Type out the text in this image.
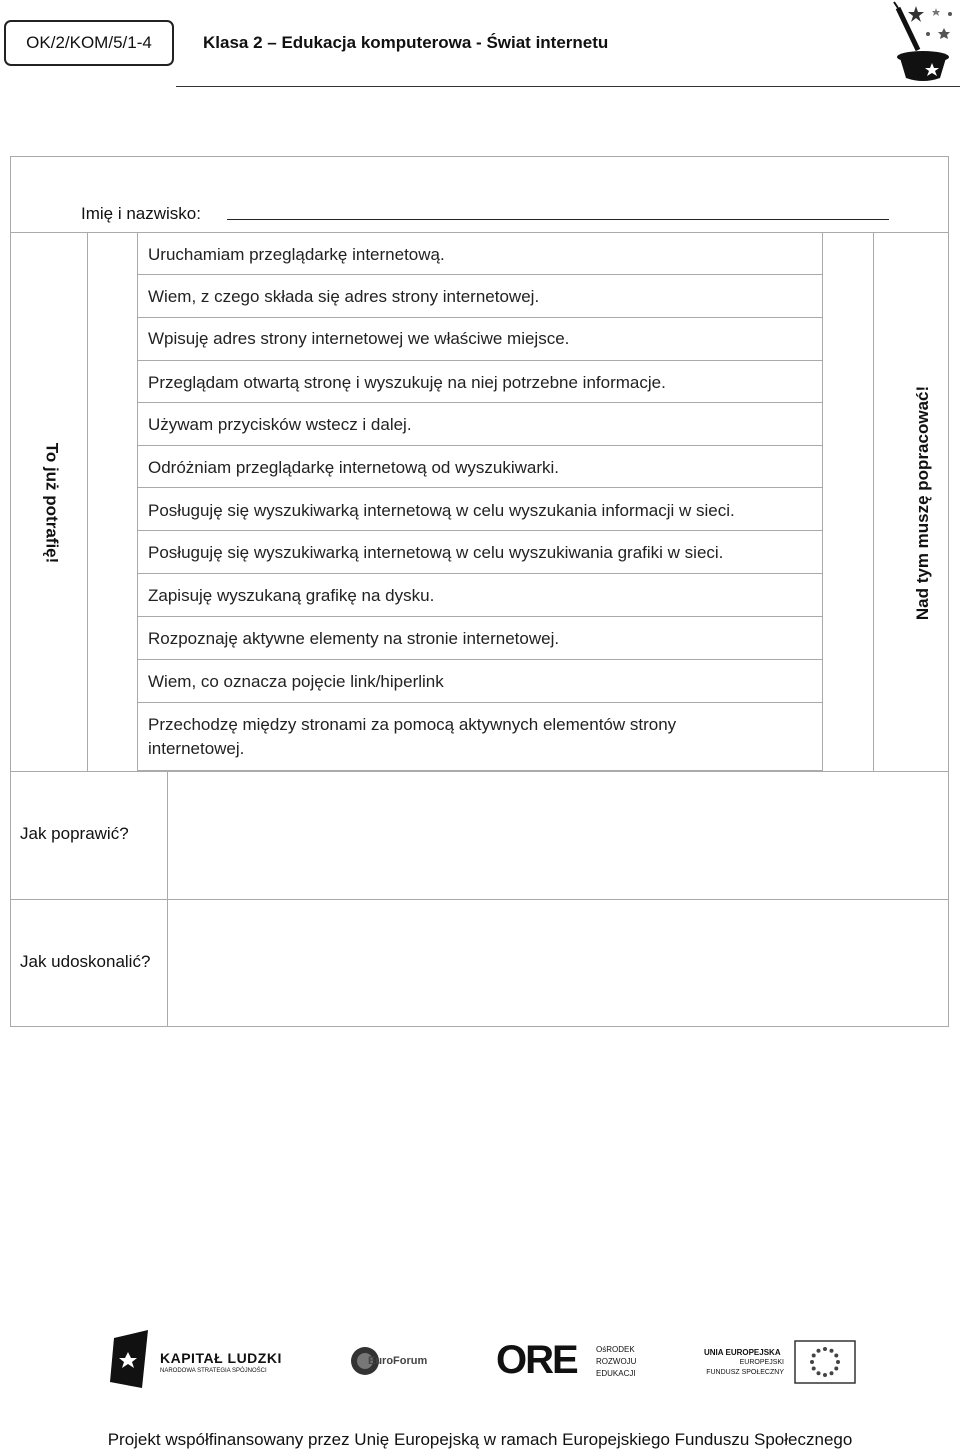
OK/2/KOM/5/1-4	Klasa 2 – Edukacja komputerowa - Świat internetu
Imię i nazwisko:
To już potrafię!	Nad tym muszę popracować!
Uruchamiam przeglądarkę internetową.
Wiem, z czego składa się adres strony internetowej.
Wpisuję adres strony internetowej we właściwe miejsce.
Przeglądam otwartą stronę i wyszukuję na niej potrzebne informacje.
Używam przycisków wstecz i dalej.
Odróżniam przeglądarkę internetową od wyszukiwarki.
Posługuję się wyszukiwarką internetową w celu wyszukania informacji w sieci.
Posługuję się wyszukiwarką internetową w celu wyszukiwania grafiki w sieci.
Zapisuję wyszukaną grafikę na dysku.
Rozpoznaję aktywne elementy na stronie internetowej.
Wiem, co oznacza pojęcie link/hiperlink
Przechodzę między stronami za pomocą aktywnych elementów strony internetowej.
Jak poprawić?
Jak udoskonalić?
KAPITAŁ LUDZKI
NARODOWA STRATEGIA SPÓJNOŚCI
EuroForum ORE OśRODEK
ROZWOJU
EDUKACJI
UNIA EUROPEJSKA
EUROPEJSKI
FUNDUSZ SPOŁECZNY
Projekt współfinansowany przez Unię Europejską w ramach Europejskiego Funduszu Społecznego
